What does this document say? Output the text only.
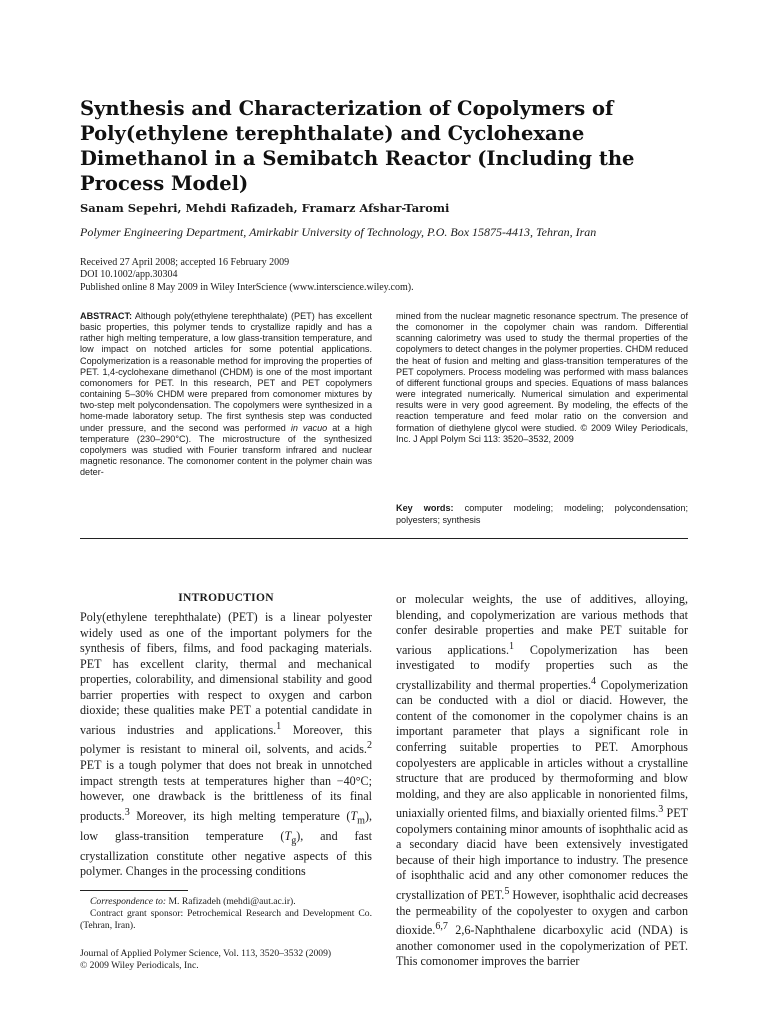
Synthesis and Characterization of Copolymers of Poly(ethylene terephthalate) and Cyclohexane Dimethanol in a Semibatch Reactor (Including the Process Model)
Sanam Sepehri, Mehdi Rafizadeh, Framarz Afshar-Taromi
Polymer Engineering Department, Amirkabir University of Technology, P.O. Box 15875-4413, Tehran, Iran
Received 27 April 2008; accepted 16 February 2009
DOI 10.1002/app.30304
Published online 8 May 2009 in Wiley InterScience (www.interscience.wiley.com).
ABSTRACT: Although poly(ethylene terephthalate) (PET) has excellent basic properties, this polymer tends to crystallize rapidly and has a rather high melting temperature, a low glass-transition temperature, and low impact on notched articles for some potential applications. Copolymerization is a reasonable method for improving the properties of PET. 1,4-cyclohexane dimethanol (CHDM) is one of the most important comonomers for PET. In this research, PET and PET copolymers containing 5–30% CHDM were prepared from comonomer mixtures by two-step melt polycondensation. The copolymers were synthesized in a home-made laboratory setup. The first synthesis step was conducted under pressure, and the second was performed in vacuo at a high temperature (230–290°C). The microstructure of the synthesized copolymers was studied with Fourier transform infrared and nuclear magnetic resonance. The comonomer content in the polymer chain was deter-
mined from the nuclear magnetic resonance spectrum. The presence of the comonomer in the copolymer chain was random. Differential scanning calorimetry was used to study the thermal properties of the copolymers to detect changes in the polymer properties. CHDM reduced the heat of fusion and melting and glass-transition temperatures of the PET copolymers. Process modeling was performed with mass balances of different functional groups and species. Equations of mass balances were integrated numerically. Numerical simulation and experimental results were in very good agreement. By modeling, the effects of the reaction temperature and feed molar ratio on the conversion and formation of diethylene glycol were studied. © 2009 Wiley Periodicals, Inc. J Appl Polym Sci 113: 3520–3532, 2009
Key words: computer modeling; modeling; polycondensation; polyesters; synthesis
INTRODUCTION

Poly(ethylene terephthalate) (PET) is a linear polyester widely used as one of the important polymers for the synthesis of fibers, films, and food packaging materials. PET has excellent clarity, thermal and mechanical properties, colorability, and dimensional stability and good barrier properties with respect to oxygen and carbon dioxide; these qualities make PET a potential candidate in various industries and applications.$^1$ Moreover, this polymer is resistant to mineral oil, solvents, and acids.$^2$ PET is a tough polymer that does not break in unnotched impact strength tests at temperatures higher than −40°C; however, one drawback is the brittleness of its final products.$^3$ Moreover, its high melting temperature $(T_m)$, low glass-transition temperature $(T_g)$, and fast crystallization constitute other negative aspects of this polymer. Changes in the processing conditions

or molecular weights, the use of additives, alloying, blending, and copolymerization are various methods that confer desirable properties and make PET suitable for various applications.$^1$ Copolymerization has been investigated to modify properties such as the crystallizability and thermal properties.$^4$ Copolymerization can be conducted with a diol or diacid. However, the content of the comonomer in the copolymer chains is an important parameter that plays a significant role in conferring suitable properties to PET. Amorphous copolyesters are applicable in articles without a crystalline structure that are produced by thermoforming and blow molding, and they are also applicable in nonoriented films, uniaxially oriented films, and biaxially oriented films.$^3$ PET copolymers containing minor amounts of isophthalic acid as a secondary diacid have been extensively investigated because of their high importance to industry. The presence of isophthalic acid and any other comonomer reduces the crystallization of PET.$^5$ However, isophthalic acid decreases the permeability of the copolyester to oxygen and carbon dioxide.$^{6,7}$ 2,6-Naphthalene dicarboxylic acid (NDA) is another comonomer used in the copolymerization of PET. This comonomer improves the barrier

Correspondence to: M. Rafizadeh (mehdi@aut.ac.ir).
Contract grant sponsor: Petrochemical Research and Development Co. (Tehran, Iran).
Journal of Applied Polymer Science, Vol. 113, 3520–3532 (2009)
© 2009 Wiley Periodicals, Inc.
